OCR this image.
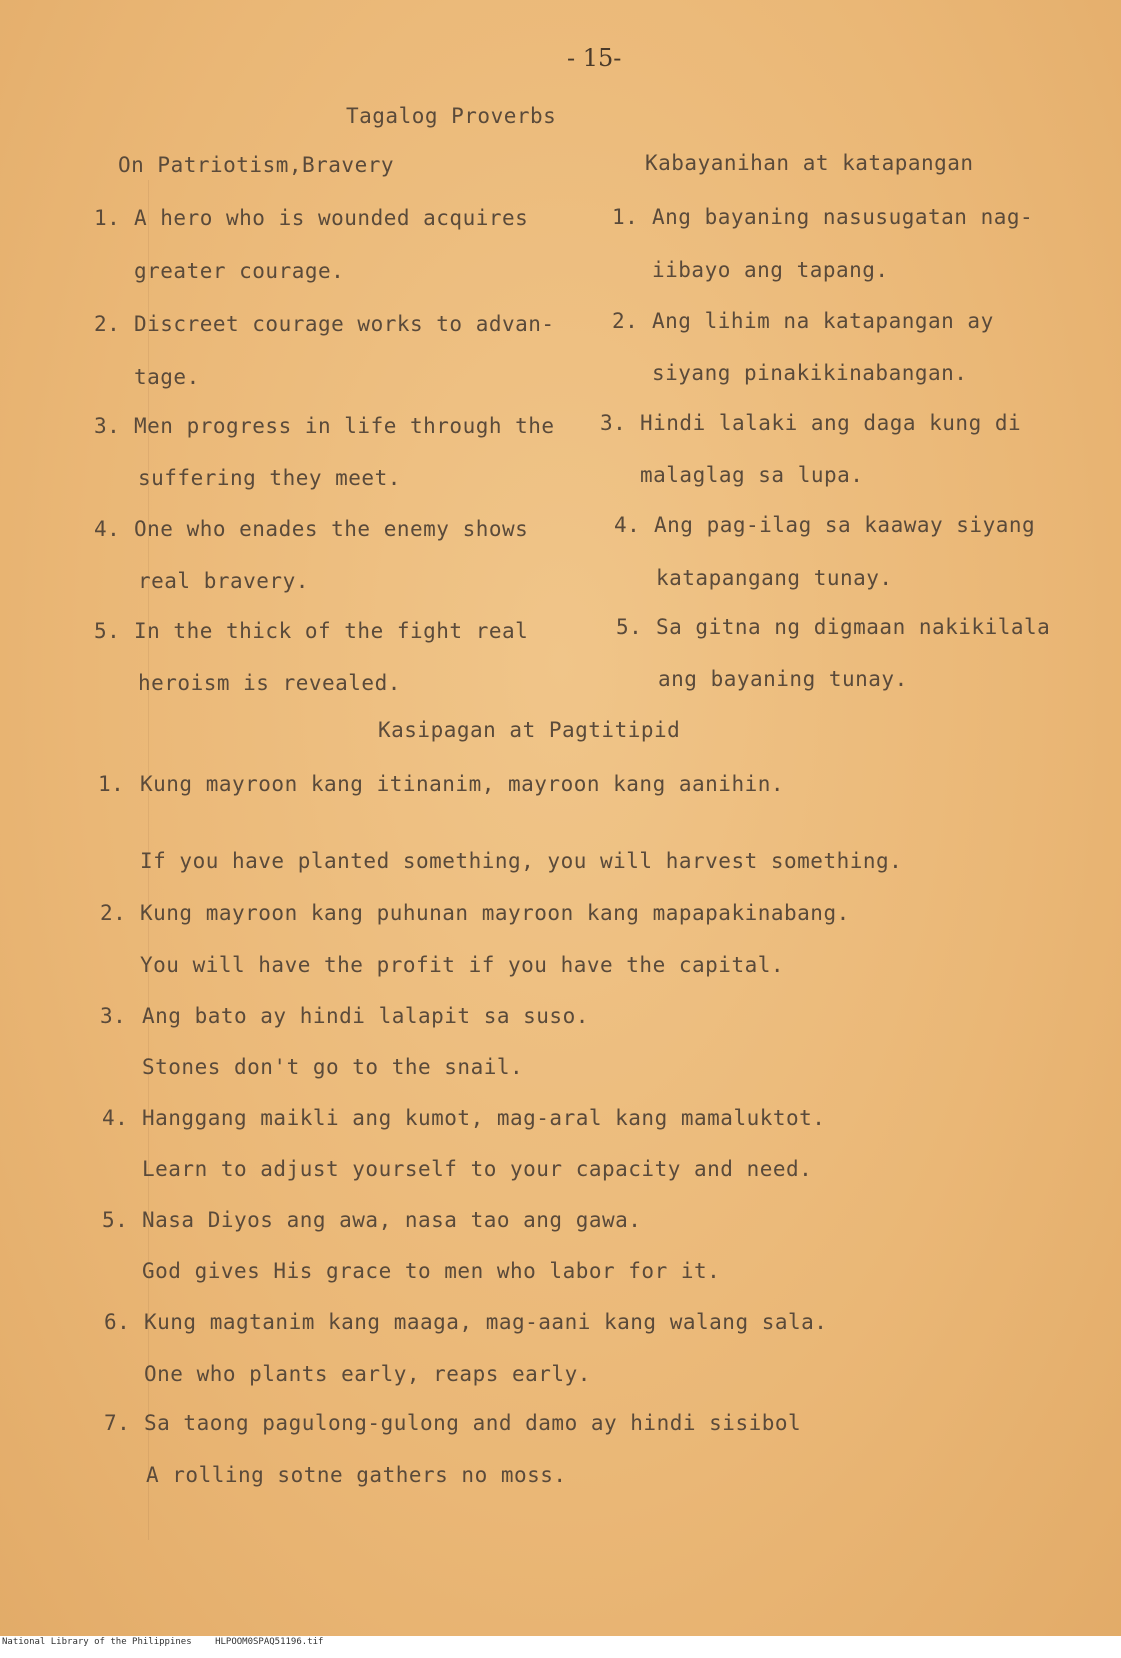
- 15-
Tagalog Proverbs
On Patriotism,Bravery	Kabayanihan at katapangan
1. A hero who is wounded acquires
greater courage.
2. Discreet courage works to advan-
tage.
3. Men progress in life through the
suffering they meet.
4. One who enades the enemy shows
real bravery.
5. In the thick of the fight real
heroism is revealed.
1. Ang bayaning nasusugatan nag-
iibayo ang tapang.
2. Ang lihim na katapangan ay
siyang pinakikinabangan.
3. Hindi lalaki ang daga kung di
malaglag sa lupa.
4. Ang pag-ilag sa kaaway siyang
katapangang tunay.
5. Sa gitna ng digmaan nakikilala
ang bayaning tunay.
Kasipagan at Pagtitipid
1. Kung mayroon kang itinanim, mayroon kang aanihin.
If you have planted something, you will harvest something.
2. Kung mayroon kang puhunan mayroon kang mapapakinabang.
You will have the profit if you have the capital.
3. Ang bato ay hindi lalapit sa suso.
Stones don't go to the snail.
4. Hanggang maikli ang kumot, mag-aral kang mamaluktot.
Learn to adjust yourself to your capacity and need.
5. Nasa Diyos ang awa, nasa tao ang gawa.
God gives His grace to men who labor for it.
6. Kung magtanim kang maaga, mag-aani kang walang sala.
One who plants early, reaps early.
7. Sa taong pagulong-gulong and damo ay hindi sisibol
A rolling sotne gathers no moss.
National Library of the Philippines	HLPOOM0SPAQ51196.tif
